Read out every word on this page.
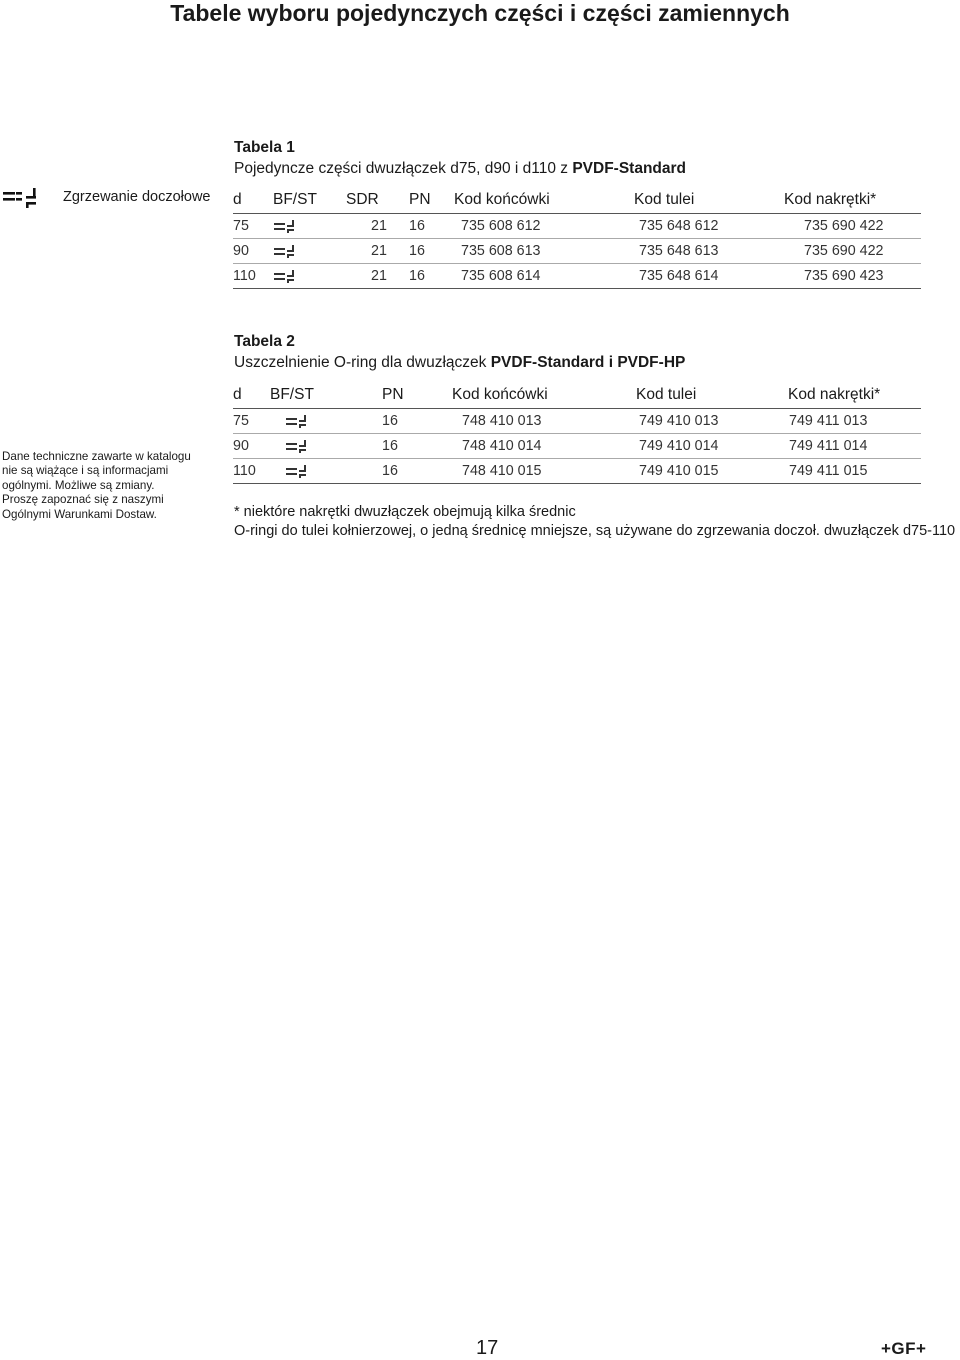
Tabele wyboru pojedynczych części i części zamiennych
Zgrzewanie doczołowe
Dane techniczne zawarte w katalogu nie są wiążące i są informacjami ogólnymi. Możliwe są zmiany. Proszę zapoznać się z naszymi Ogólnymi Warunkami Dostaw.
Tabela 1
Pojedyncze części dwuzłączek d75, d90 i d110 z PVDF-Standard
d	BF/ST	SDR	PN	Kod końcówki	Kod tulei	Kod nakrętki*
75		21	16	735 608 612	735 648 612	735 690 422
90		21	16	735 608 613	735 648 613	735 690 422
110		21	16	735 608 614	735 648 614	735 690 423
Tabela 2
Uszczelnienie O-ring dla dwuzłączek PVDF-Standard i PVDF-HP
d	BF/ST	PN	Kod końcówki	Kod tulei	Kod nakrętki*
75		16	748 410 013	749 410 013	749 411 013
90		16	748 410 014	749 410 014	749 411 014
110		16	748 410 015	749 410 015	749 411 015
* niektóre nakrętki dwuzłączek obejmują kilka średnic
O-ringi do tulei kołnierzowej, o jedną średnicę mniejsze, są używane do zgrzewania doczoł. dwuzłączek d75-110
17	+GF+
